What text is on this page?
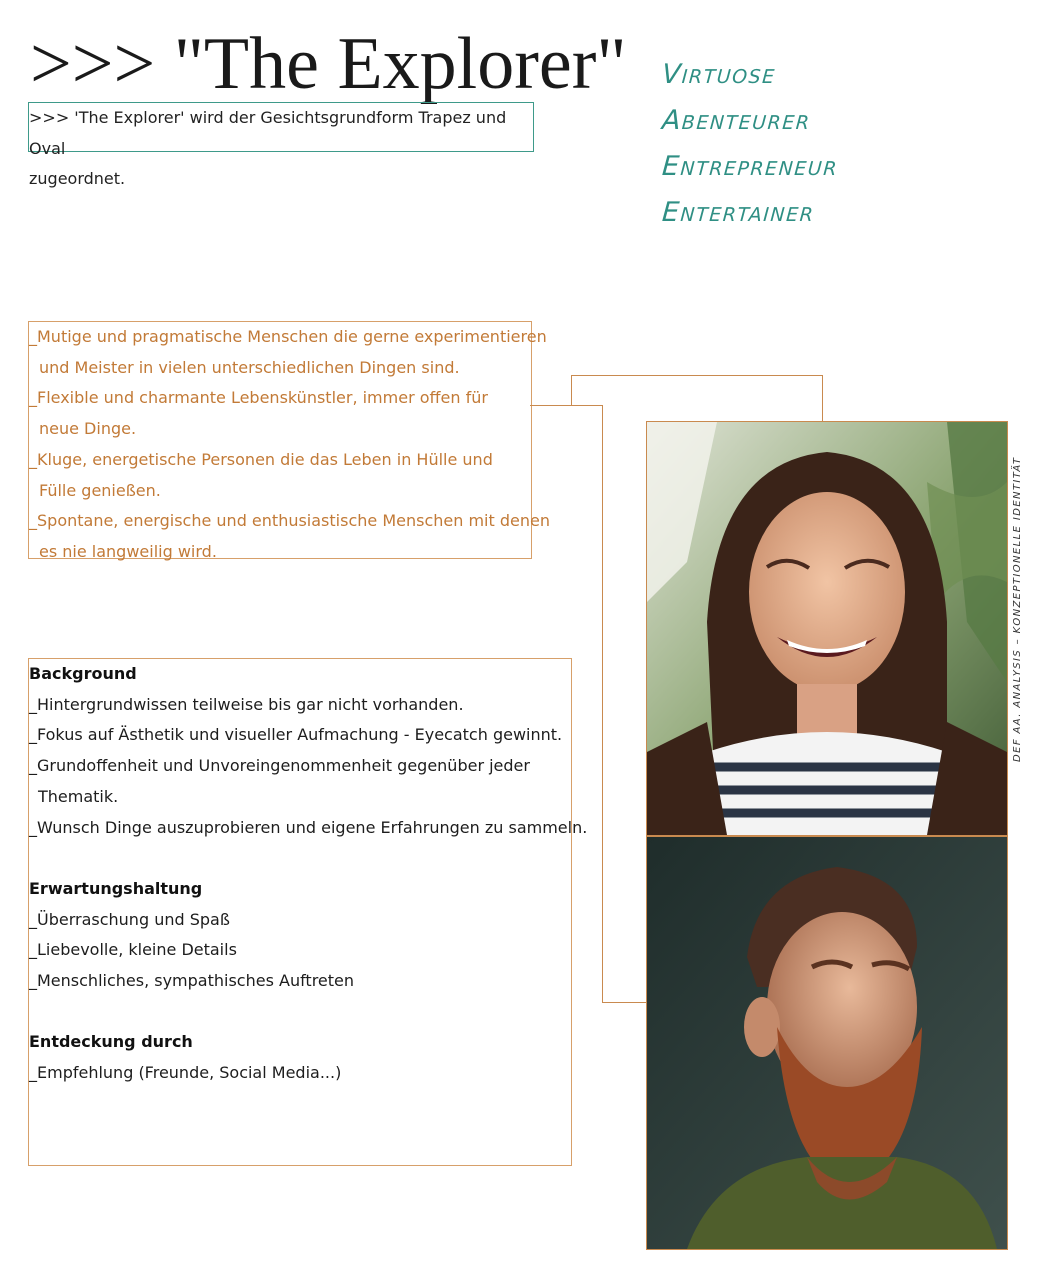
>>> "The Explorer"
>>> 'The Explorer' wird der Gesichtsgrundform Trapez und Oval
zugeordnet.
Virtuose
Abenteurer
Entrepreneur
Entertainer
_Mutige und pragmatische Menschen die gerne experimentieren
und Meister in vielen unterschiedlichen Dingen sind.
_Flexible und charmante Lebenskünstler, immer offen für
neue Dinge.
_Kluge, energetische Personen die das Leben in Hülle und
Fülle genießen.
_Spontane, energische und enthusiastische Menschen mit denen
es nie langweilig wird.
Background
_Hintergrundwissen teilweise bis gar nicht vorhanden.
_Fokus auf Ästhetik und visueller Aufmachung - Eyecatch gewinnt.
_Grundoffenheit und Unvoreingenommenheit gegenüber jeder
Thematik.
_Wunsch Dinge auszuprobieren und eigene Erfahrungen zu sammeln.
Erwartungshaltung
_Überraschung und Spaß
_Liebevolle, kleine Details
_Menschliches, sympathisches Auftreten
Entdeckung durch
_Empfehlung (Freunde, Social Media...)
DEF AA. ANALYSIS – KONZEPTIONELLE IDENTITÄT
